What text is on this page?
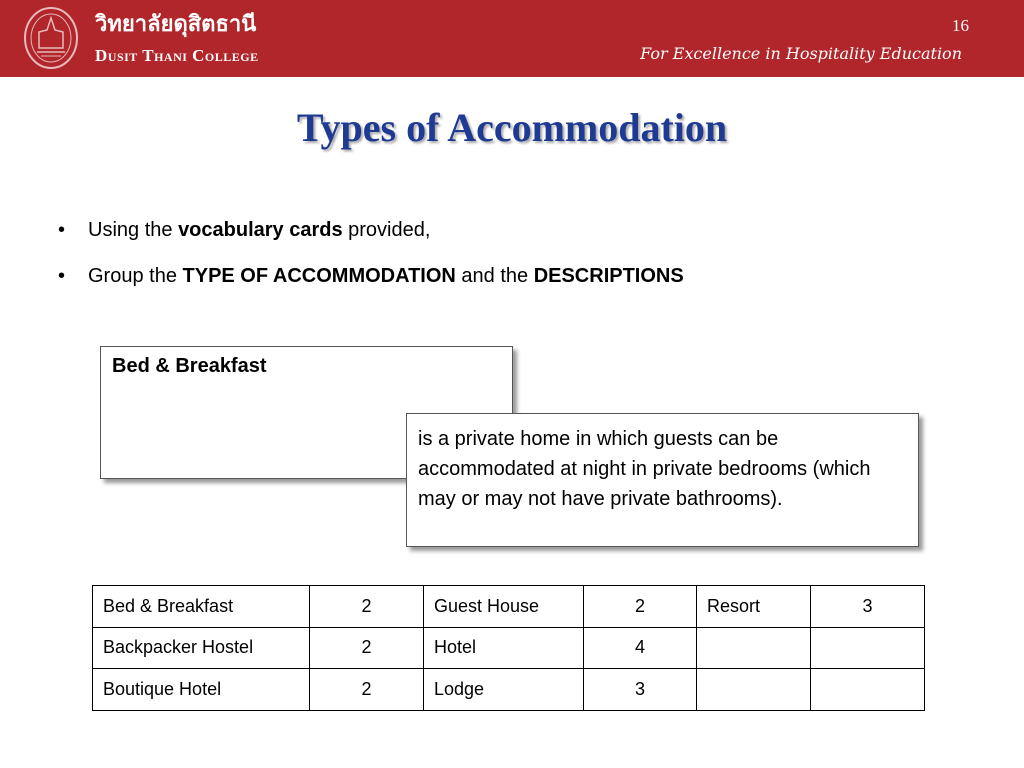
วิทยาลัยดุสิตธานี
Dusit Thani College
16
For Excellence in Hospitality Education
Types of Accommodation
• Using the vocabulary cards provided,
• Group the TYPE OF ACCOMMODATION and the DESCRIPTIONS
Bed & Breakfast
is a private home in which guests can be accommodated at night in private bedrooms (which may or may not have private bathrooms).
Bed & Breakfast	2	Guest House	2	Resort	3
Backpacker Hostel	2	Hotel	4		
Boutique Hotel	2	Lodge	3		
